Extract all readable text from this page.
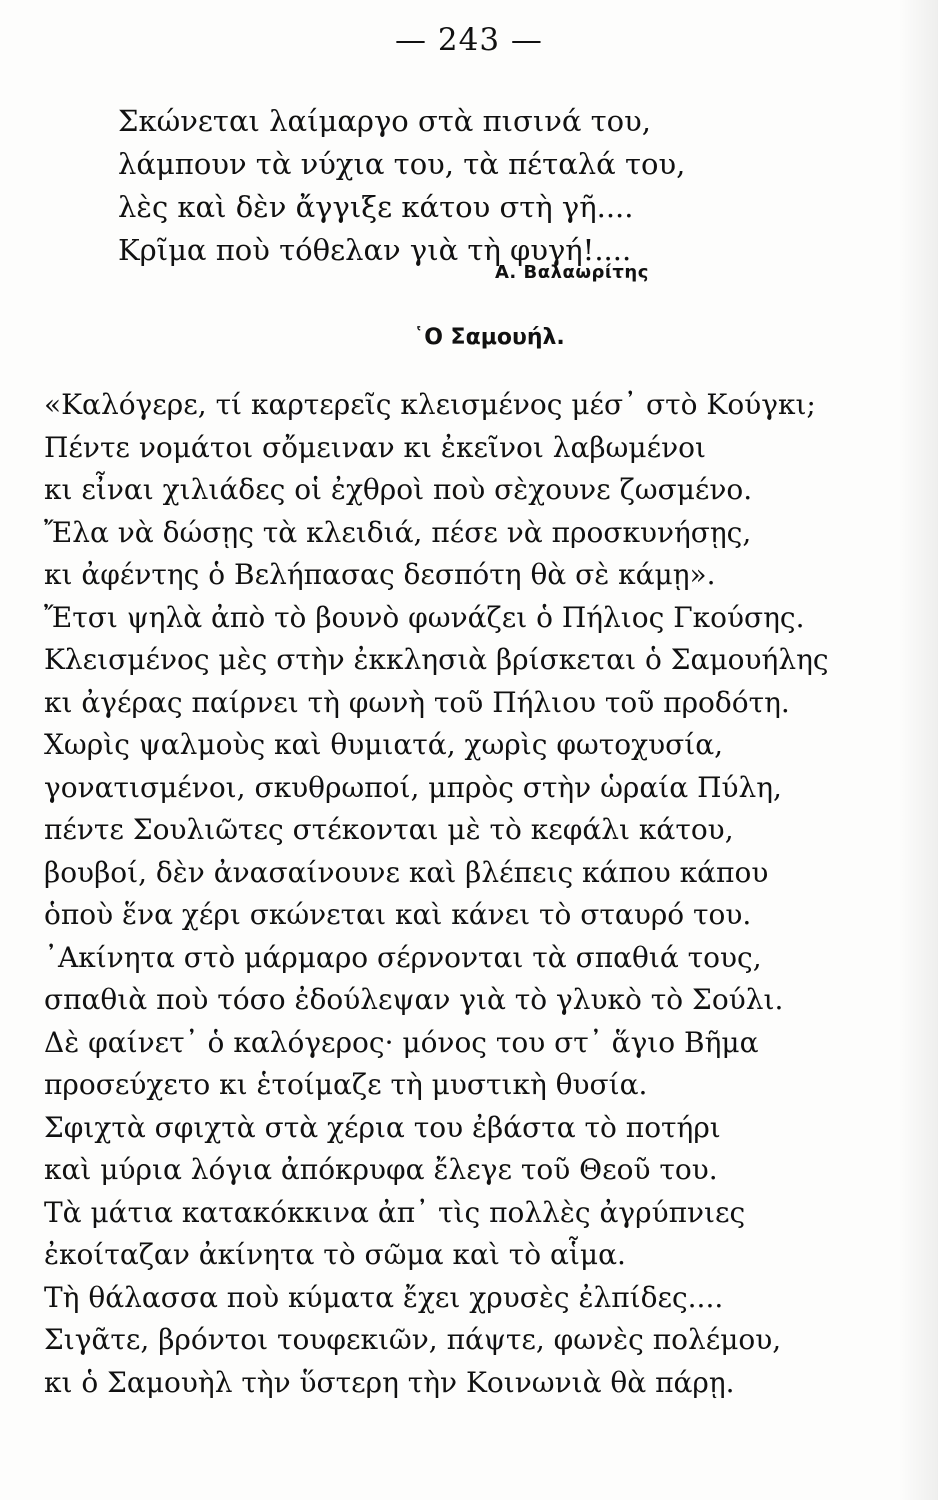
— 243 —
Σκώνεται λαίμαργο στὰ πισινά του,
λάμπουν τὰ νύχια του, τὰ πέταλά του,
λὲς καὶ δὲν ἄγγιξε κάτου στὴ γῆ....
Κρῖμα ποὺ τόθελαν γιὰ τὴ φυγή!....
Α. Βαλαωρίτης
῾Ο Σαμουήλ.
«Καλόγερε, τί καρτερεῖς κλεισμένος μέσ᾿ στὸ Κούγκι;
Πέντε νομάτοι σὄμειναν κι ἐκεῖνοι λαβωμένοι
κι εἶναι χιλιάδες οἱ ἐχθροὶ ποὺ σὲχουνε ζωσμένο.
Ἔλα νὰ δώσῃς τὰ κλειδιά, πέσε νὰ προσκυνήσῃς,
κι ἀφέντης ὁ Βελήπασας δεσπότη θὰ σὲ κάμῃ».
Ἔτσι ψηλὰ ἀπὸ τὸ βουνὸ φωνάζει ὁ Πήλιος Γκούσης.
Κλεισμένος μὲς στὴν ἐκκλησιὰ βρίσκεται ὁ Σαμουήλης
κι ἀγέρας παίρνει τὴ φωνὴ τοῦ Πήλιου τοῦ προδότη.
Χωρὶς ψαλμοὺς καὶ θυμιατά, χωρὶς φωτοχυσία,
γονατισμένοι, σκυθρωποί, μπρὸς στὴν ὡραία Πύλη,
πέντε Σουλιῶτες στέκονται μὲ τὸ κεφάλι κάτου,
βουβοί, δὲν ἀνασαίνουνε καὶ βλέπεις κάπου κάπου
ὁποὺ ἕνα χέρι σκώνεται καὶ κάνει τὸ σταυρό του.
᾿Ακίνητα στὸ μάρμαρο σέρνονται τὰ σπαθιά τους,
σπαθιὰ ποὺ τόσο ἐδούλεψαν γιὰ τὸ γλυκὸ τὸ Σούλι.
Δὲ φαίνετ᾿ ὁ καλόγερος· μόνος του στ᾿ ἅγιο Βῆμα
προσεύχετο κι ἑτοίμαζε τὴ μυστικὴ θυσία.
Σφιχτὰ σφιχτὰ στὰ χέρια του ἐβάστα τὸ ποτήρι
καὶ μύρια λόγια ἀπόκρυφα ἔλεγε τοῦ Θεοῦ του.
Τὰ μάτια κατακόκκινα ἀπ᾿ τὶς πολλὲς ἀγρύπνιες
ἐκοίταζαν ἀκίνητα τὸ σῶμα καὶ τὸ αἷμα.
Τὴ θάλασσα ποὺ κύματα ἔχει χρυσὲς ἐλπίδες....
Σιγᾶτε, βρόντοι τουφεκιῶν, πάψτε, φωνὲς πολέμου,
κι ὁ Σαμουὴλ τὴν ὕστερη τὴν Κοινωνιὰ θὰ πάρῃ.
